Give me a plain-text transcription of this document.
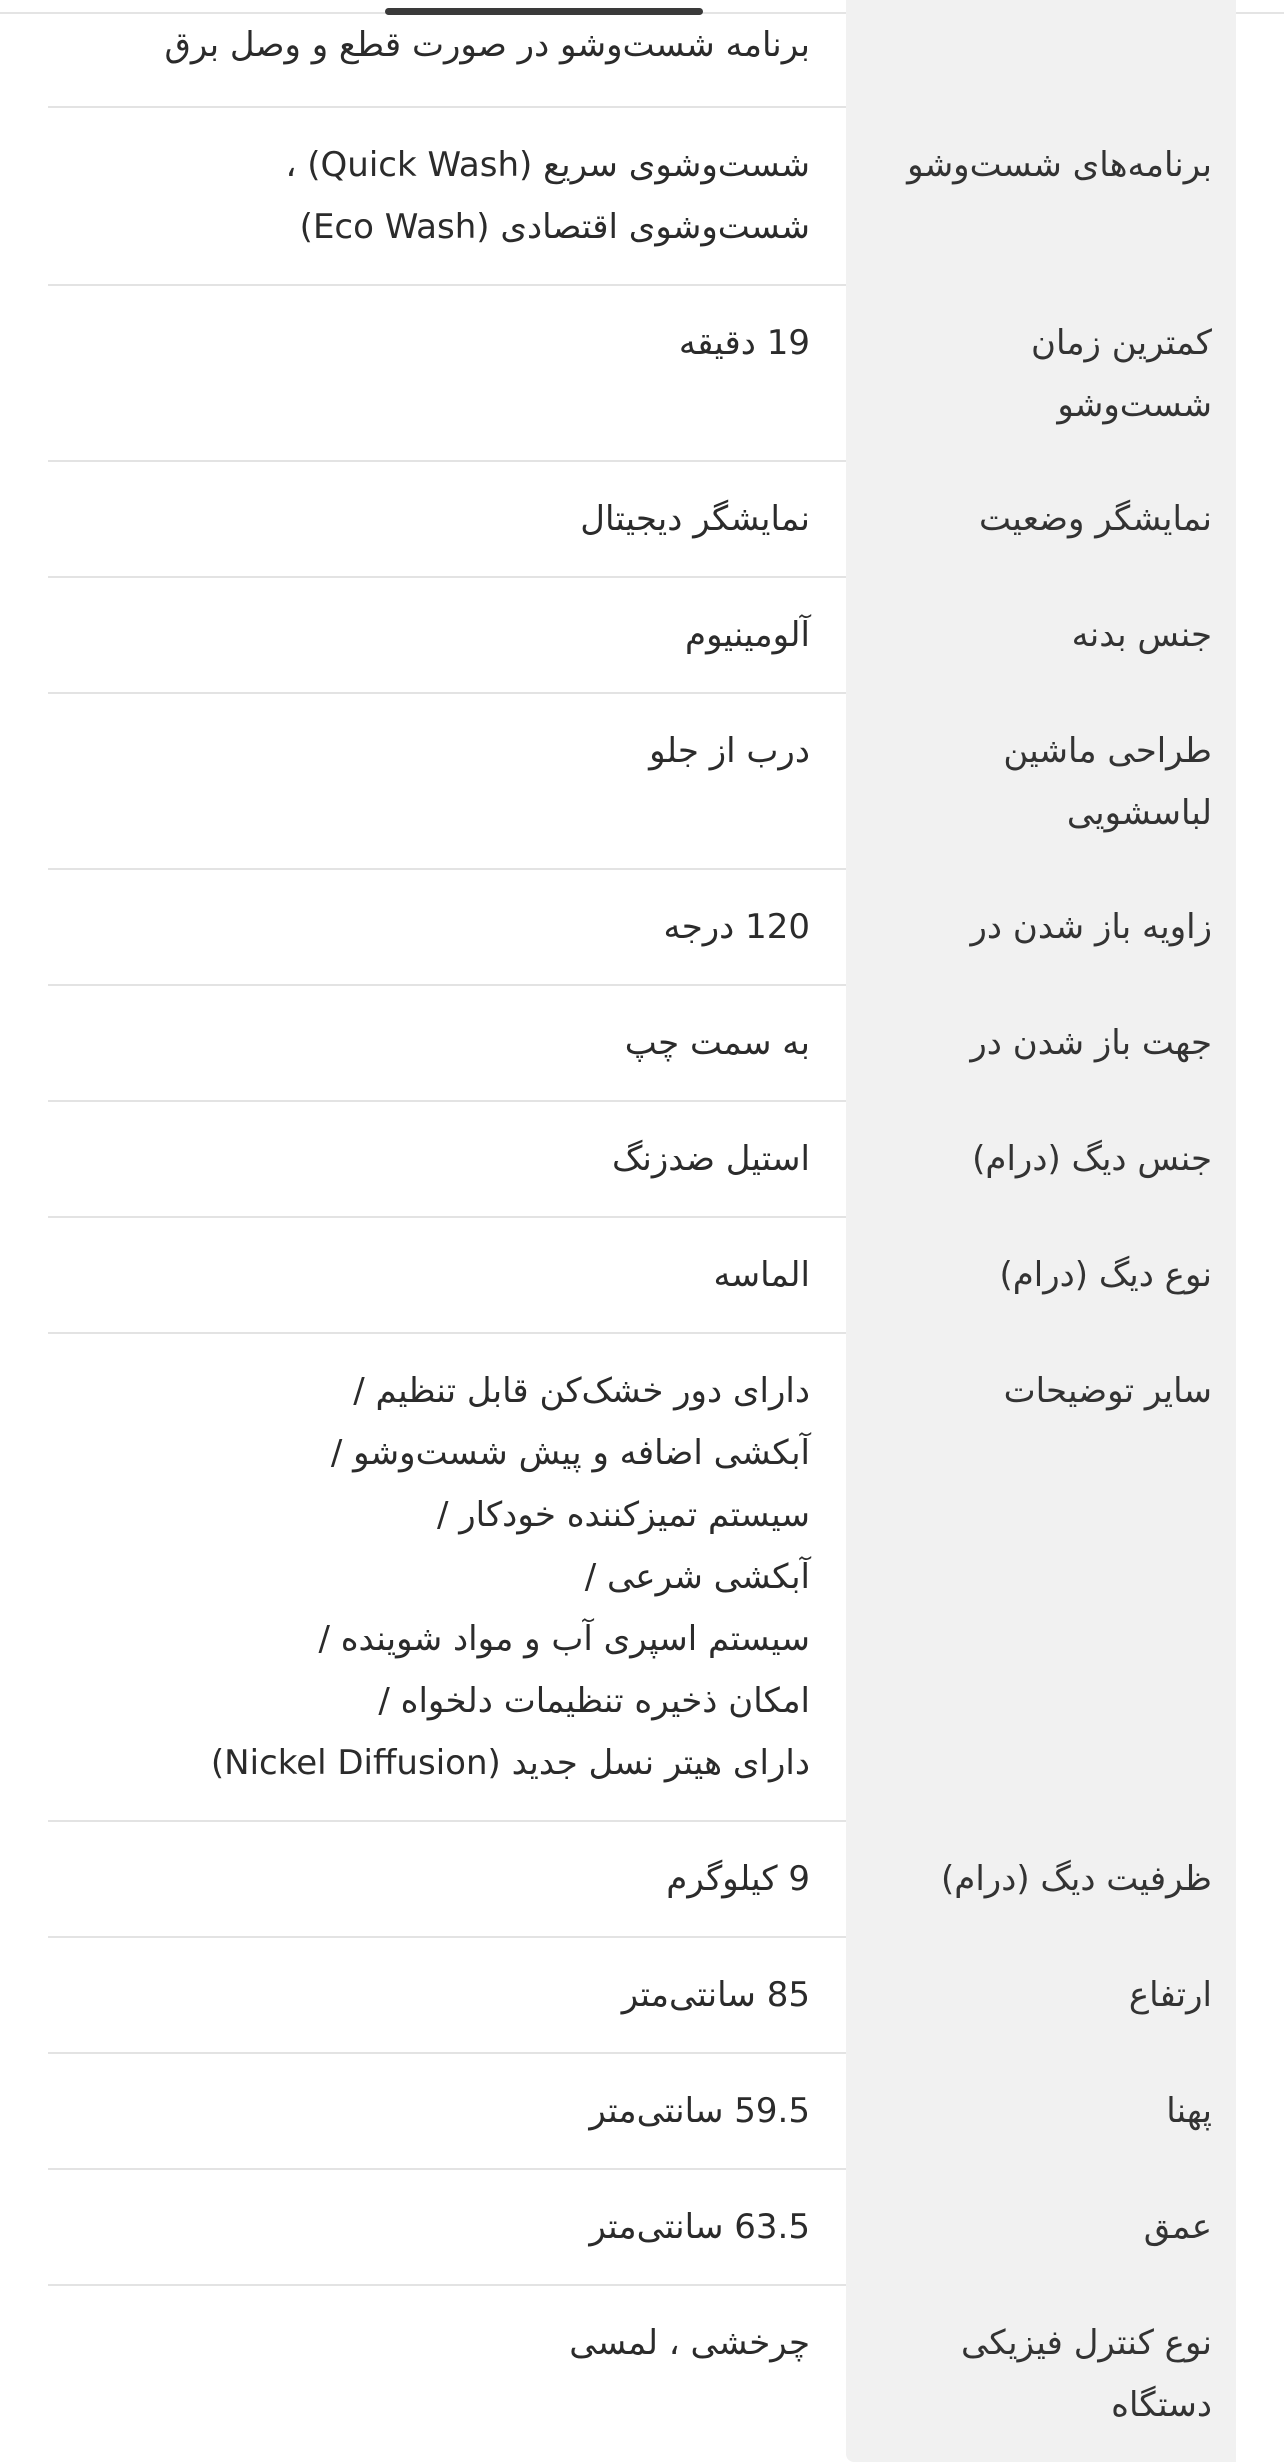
برنامه شست‌وشو در صورت قطع و وصل برق
برنامه‌های شست‌وشو
شست‌وشوی سریع (Quick Wash) ،
شست‌وشوی اقتصادی (Eco Wash)
کمترین زمان شست‌وشو
19 دقیقه
نمایشگر وضعیت
نمایشگر دیجیتال
جنس بدنه
آلومینیوم
طراحی ماشین لباسشویی
درب از جلو
زاویه باز شدن در
120 درجه
جهت باز شدن در
به سمت چپ
جنس دیگ (درام)
استیل ضدزنگ
نوع دیگ (درام)
الماسه
سایر توضیحات
دارای دور خشک‌کن قابل تنظیم /
آبکشی اضافه و پیش شست‌وشو /
سیستم تمیزکننده خودکار /
آبکشی شرعی /
سیستم اسپری آب و مواد شوینده /
امکان ذخیره تنظیمات دلخواه /
دارای هیتر نسل جدید (Nickel Diffusion)
ظرفیت دیگ (درام)
9 کیلوگرم
ارتفاع
85 سانتی‌متر
پهنا
59.5 سانتی‌متر
عمق
63.5 سانتی‌متر
نوع کنترل فیزیکی دستگاه
چرخشی ، لمسی
